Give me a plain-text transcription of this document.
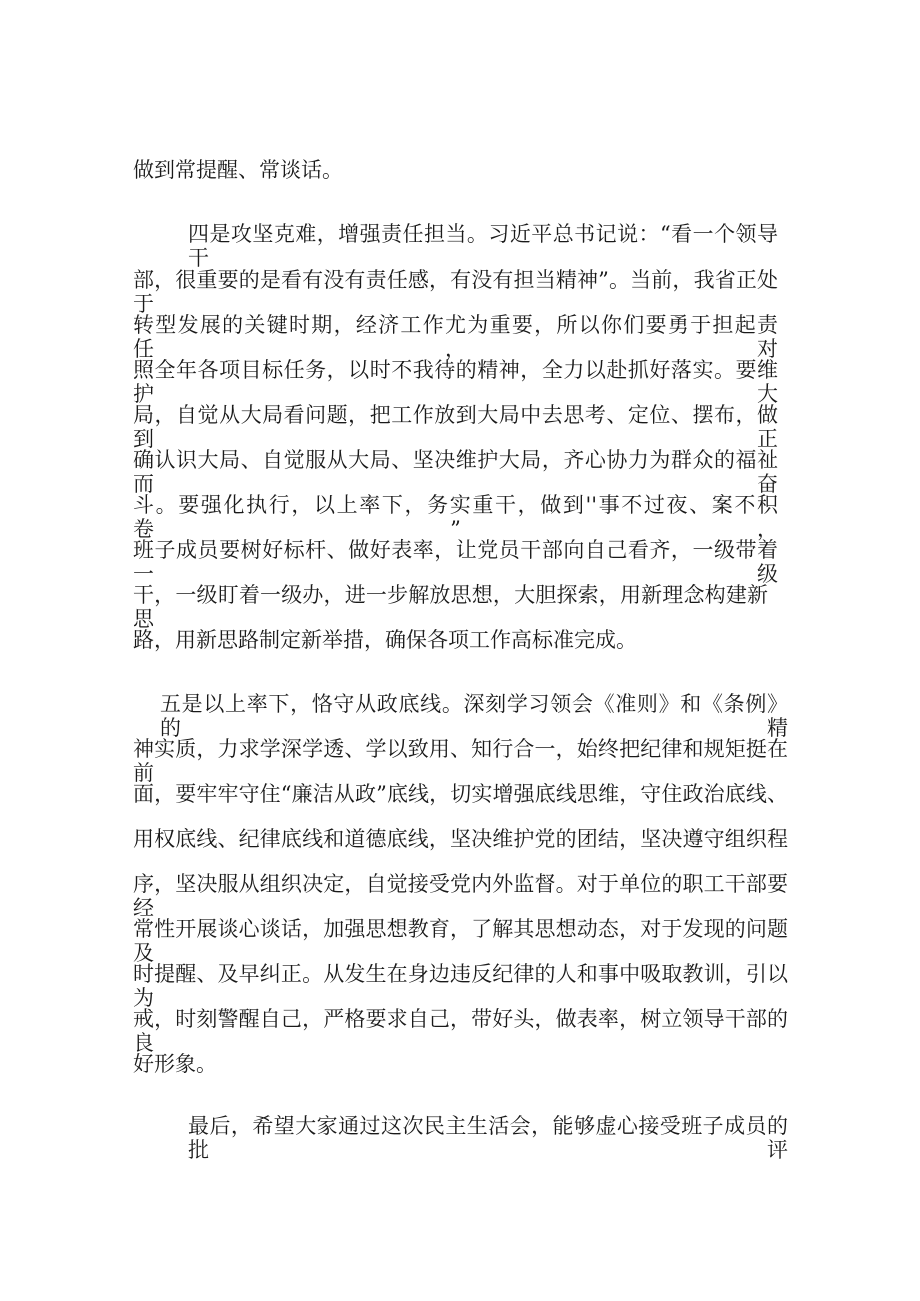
做到常提醒、常谈话。
四是攻坚克难，增强责任担当。习近平总书记说：“看一个领导干
部，很重要的是看有没有责任感，有没有担当精神”。当前，我省正处于
转型发展的关键时期，经济工作尤为重要，所以你们要勇于担起责任，对
照全年各项目标任务，以时不我待的精神，全力以赴抓好落实。要维护大
局，自觉从大局看问题，把工作放到大局中去思考、定位、摆布，做到正
确认识大局、自觉服从大局、坚决维护大局，齐心协力为群众的福祉而奋
斗。要强化执行，以上率下，务实重干，做到''事不过夜、案不积卷”，
班子成员要树好标杆、做好表率，让党员干部向自己看齐，一级带着一级
干，一级盯着一级办，进一步解放思想，大胆探索，用新理念构建新思
路，用新思路制定新举措，确保各项工作高标准完成。
五是以上率下，恪守从政底线。深刻学习领会《准则》和《条例》的精
神实质，力求学深学透、学以致用、知行合一，始终把纪律和规矩挺在前
面，要牢牢守住“廉洁从政”底线，切实增强底线思维，守住政治底线、
用权底线、纪律底线和道德底线，坚决维护党的团结，坚决遵守组织程
序，坚决服从组织决定，自觉接受党内外监督。对于单位的职工干部要经
常性开展谈心谈话，加强思想教育，了解其思想动态，对于发现的问题及
时提醒、及早纠正。从发生在身边违反纪律的人和事中吸取教训，引以为
戒，时刻警醒自己，严格要求自己，带好头，做表率，树立领导干部的良
好形象。
最后，希望大家通过这次民主生活会，能够虚心接受班子成员的批评
